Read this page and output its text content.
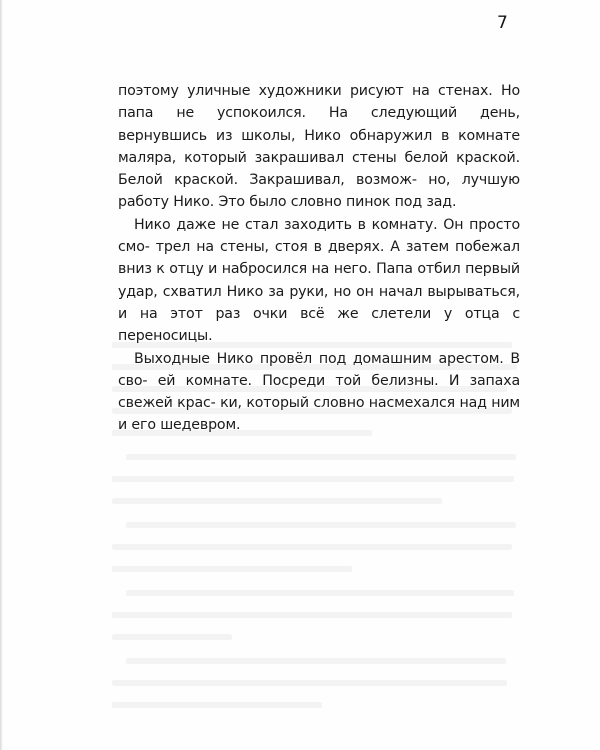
7

поэтому уличные художники рисуют на стенах. Но папа не успокоился. На следующий день, вернувшись из школы, Нико обнаружил в комнате маляра, который закрашивал стены белой краской. Белой краской. Закрашивал, возмож- но, лучшую работу Нико. Это было словно пинок под зад.

Нико даже не стал заходить в комнату. Он просто смо- трел на стены, стоя в дверях. А затем побежал вниз к отцу и набросился на него. Папа отбил первый удар, схватил Нико за руки, но он начал вырываться, и на этот раз очки всё же слетели у отца с переносицы.

Выходные Нико провёл под домашним арестом. В сво- ей комнате. Посреди той белизны. И запаха свежей крас- ки, который словно насмехался над ним и его шедевром.
